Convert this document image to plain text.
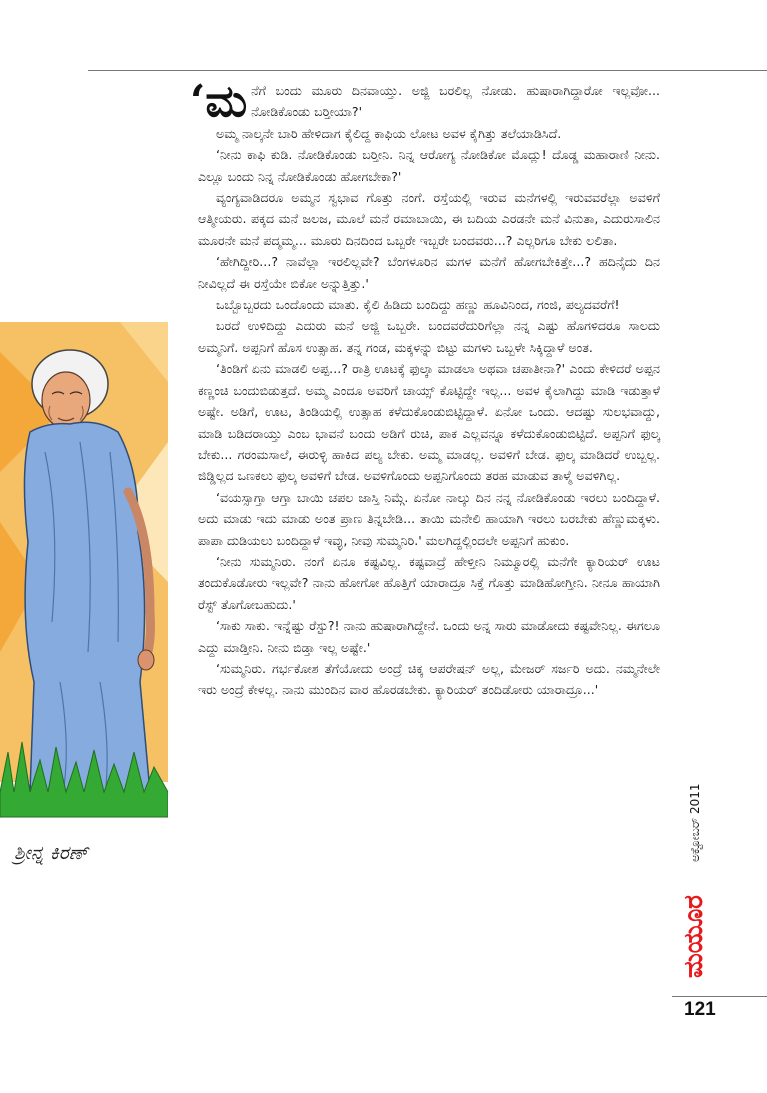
ಶ್ರೀನ್ನ ಕಿರಣ್

‘ಮನೆಗೆ ಬಂದು ಮೂರು ದಿನವಾಯ್ತು. ಅಜ್ಜಿ ಬರಲಿಲ್ಲ ನೋಡು. ಹುಷಾರಾಗಿದ್ದಾರೋ ಇಲ್ಲವೋ... ನೋಡಿಕೊಂಡು ಬರ್‍ತೀಯಾ?'

ಅಮ್ಮ ನಾಲ್ಕನೇ ಬಾರಿ ಹೇಳಿದಾಗ ಕೈಲಿದ್ದ ಕಾಫಿಯ ಲೋಟ ಅವಳ ಕೈಗಿತ್ತು ತಲೆಯಾಡಿಸಿದೆ.

‘ನೀನು ಕಾಫಿ ಕುಡಿ. ನೋಡಿಕೊಂಡು ಬರ್‍ತೀನಿ. ನಿನ್ನ ಆರೋಗ್ಯ ನೋಡಿಕೋ ಮೊದ್ಲು! ದೊಡ್ಡ ಮಹಾರಾಣಿ ನೀನು. ಎಲ್ಲೂ ಬಂದು ನಿನ್ನ ನೋಡಿಕೊಂಡು ಹೋಗಬೇಕಾ?'

ವ್ಯಂಗ್ಯವಾಡಿದರೂ ಅಮ್ಮನ ಸ್ವಭಾವ ಗೊತ್ತು ನಂಗೆ. ರಸ್ತೆಯಲ್ಲಿ ಇರುವ ಮನೆಗಳಲ್ಲಿ ಇರುವವರೆಲ್ಲಾ ಅವಳಿಗೆ ಆತ್ಮೀಯರು. ಪಕ್ಕದ ಮನೆ ಜಲಜ, ಮೂಲೆ ಮನೆ ರಮಾಬಾಯಿ, ಈ ಬದಿಯ ಎರಡನೇ ಮನೆ ವಿನುತಾ, ಎದುರುಸಾಲಿನ ಮೂರನೇ ಮನೆ ಪದ್ಮಮ್ಮ... ಮೂರು ದಿನದಿಂದ ಒಬ್ಬರೇ ಇಬ್ಬರೇ ಬಂದವರು...? ಎಲ್ಲರಿಗೂ ಬೇಕು ಲಲಿತಾ.

‘ಹೇಗಿದ್ದೀರಿ...? ನಾವೆಲ್ಲಾ ಇರಲಿಲ್ಲವೇ? ಬೆಂಗಳೂರಿನ ಮಗಳ ಮನೆಗೆ ಹೋಗಬೇಕಿತ್ತೇ...? ಹದಿನೈದು ದಿನ ನೀವಿಲ್ಲದೆ ಈ ರಸ್ತೆಯೇ ಬಿಕೋ ಅನ್ನುತ್ತಿತ್ತು.'

ಒಬ್ಬೊಬ್ಬರದು ಒಂದೊಂದು ಮಾತು. ಕೈಲಿ ಹಿಡಿದು ಬಂದಿದ್ದು ಹಣ್ಣು ಹೂವಿನಿಂದ, ಗಂಜಿ, ಪಲ್ಯದವರೆಗೆ!

ಬರದೆ ಉಳಿದಿದ್ದು ಎದುರು ಮನೆ ಅಜ್ಜಿ ಒಬ್ಬರೇ. ಬಂದವರೆದುರಿಗೆಲ್ಲಾ ನನ್ನ ಎಷ್ಟು ಹೊಗಳಿದರೂ ಸಾಲದು ಅಮ್ಮನಿಗೆ. ಅಪ್ಪನಿಗೆ ಹೊಸ ಉತ್ಸಾಹ. ತನ್ನ ಗಂಡ, ಮಕ್ಕಳನ್ನು ಬಿಟ್ಟು ಮಗಳು ಒಬ್ಬಳೇ ಸಿಕ್ಕಿದ್ದಾಳೆ ಅಂತ.

‘ತಿಂಡಿಗೆ ಏನು ಮಾಡಲಿ ಅಪ್ಪ...? ರಾತ್ರಿ ಊಟಕ್ಕೆ ಫುಲ್ಕಾ ಮಾಡಲಾ ಅಥವಾ ಚಪಾತೀನಾ?' ಎಂದು ಕೇಳಿದರೆ ಅಪ್ಪನ ಕಣ್ಣಂಚಿ ಬಂದುಬಿಡುತ್ತದೆ. ಅಮ್ಮ ಎಂದೂ ಅವರಿಗೆ ಚಾಯ್ಸ್ ಕೊಟ್ಟಿದ್ದೇ ಇಲ್ಲ... ಅವಳ ಕೈಲಾಗಿದ್ದು ಮಾಡಿ ಇಡುತ್ತಾಳೆ ಅಷ್ಟೇ. ಅಡಿಗೆ, ಊಟ, ತಿಂಡಿಯಲ್ಲಿ ಉತ್ಸಾಹ ಕಳೆದುಕೊಂಡುಬಿಟ್ಟಿದ್ದಾಳೆ. ಏನೋ ಒಂದು. ಆದಷ್ಟು ಸುಲಭವಾದ್ದು, ಮಾಡಿ ಬಡಿದರಾಯ್ತು ಎಂಬ ಭಾವನೆ ಬಂದು ಅಡಿಗೆ ರುಚಿ, ಪಾಕ ಎಲ್ಲವನ್ನೂ ಕಳೆದುಕೊಂಡುಬಿಟ್ಟಿದೆ. ಅಪ್ಪನಿಗೆ ಫುಲ್ಕ ಬೇಕು... ಗರಂಮಸಾಲೆ, ಈರುಳ್ಳಿ ಹಾಕಿದ ಪಲ್ಯ ಬೇಕು. ಅಮ್ಮ ಮಾಡಲ್ಲ. ಅವಳಿಗೆ ಬೇಡ. ಫುಲ್ಕ ಮಾಡಿದರೆ ಉಬ್ಬಲ್ಲ. ಜಿಡ್ಡಿಲ್ಲದ ಒಣಕಲು ಫುಲ್ಕ ಅವಳಿಗೆ ಬೇಡ. ಅವಳಿಗೊಂದು ಅಪ್ಪನಿಗೊಂದು ತರಹ ಮಾಡುವ ತಾಳ್ಮೆ ಅವಳಿಗಿಲ್ಲ.

‘ವಯಸ್ಸಾಗ್ತಾ ಆಗ್ತಾ ಬಾಯಿ ಚಪಲ ಜಾಸ್ತಿ ನಿಮ್ಗೆ. ಏನೋ ನಾಲ್ಕು ದಿನ ನನ್ನ ನೋಡಿಕೊಂಡು ಇರಲು ಬಂದಿದ್ದಾಳೆ. ಅದು ಮಾಡು ಇದು ಮಾಡು ಅಂತ ಪ್ರಾಣ ತಿನ್ನಬೇಡಿ... ತಾಯಿ ಮನೇಲಿ ಹಾಯಾಗಿ ಇರಲು ಬರಬೇಕು ಹೆಣ್ಣುಮಕ್ಕಳು. ಪಾಪಾ ದುಡಿಯಲು ಬಂದಿದ್ದಾಳೆ ಇವ್ಳು, ನೀವು ಸುಮ್ಮನಿರಿ.' ಮಲಗಿದ್ದಲ್ಲಿಂದಲೇ ಅಪ್ಪನಿಗೆ ಹುಕುಂ.

‘ನೀನು ಸುಮ್ಮನಿರು. ನಂಗೆ ಏನೂ ಕಷ್ಟವಿಲ್ಲ. ಕಷ್ಟವಾದ್ರೆ ಹೇಳ್ತೀನಿ ನಿಮ್ಮೂರಲ್ಲಿ ಮನೆಗೇ ಕ್ಯಾರಿಯರ್ ಊಟ ತಂದುಕೊಡೋರು ಇಲ್ಲವೇ? ನಾನು ಹೋಗೋ ಹೊತ್ತಿಗೆ ಯಾರಾದ್ರೂ ಸಿಕ್ತೆ ಗೊತ್ತು ಮಾಡಿಹೋಗ್ತೀನಿ. ನೀನೂ ಹಾಯಾಗಿ ರೆಸ್ಟ್ ತೊಗೋಬಹುದು.'

‘ಸಾಕು ಸಾಕು. ಇನ್ನೆಷ್ಟು ರೆಸ್ಟು?! ನಾನು ಹುಷಾರಾಗಿದ್ದೇನೆ. ಒಂದು ಅನ್ನ ಸಾರು ಮಾಡೋದು ಕಷ್ಟವೇನಿಲ್ಲ. ಈಗಲೂ ಎದ್ದು ಮಾಡ್ತೀನಿ. ನೀನು ಬಿಡ್ತಾ ಇಲ್ಲ ಅಷ್ಟೇ.'

‘ಸುಮ್ಮನಿರು. ಗರ್ಭಕೋಶ ತೆಗೆಯೋದು ಅಂದ್ರೆ ಚಿಕ್ಕ ಆಪರೇಷನ್ ಅಲ್ಲ, ಮೇಜರ್ ಸರ್ಜರಿ ಅದು. ನಮ್ಮನೇಲೇ ಇರು ಅಂದ್ರೆ ಕೇಳಲ್ಲ. ನಾನು ಮುಂದಿನ ವಾರ ಹೊರಡಬೇಕು. ಕ್ಯಾರಿಯರ್ ತಂದಿಡೋರು ಯಾರಾದ್ರೂ...'

ಅಕ್ಟೋಬರ್ 2011
ಮಯೂರ
121
